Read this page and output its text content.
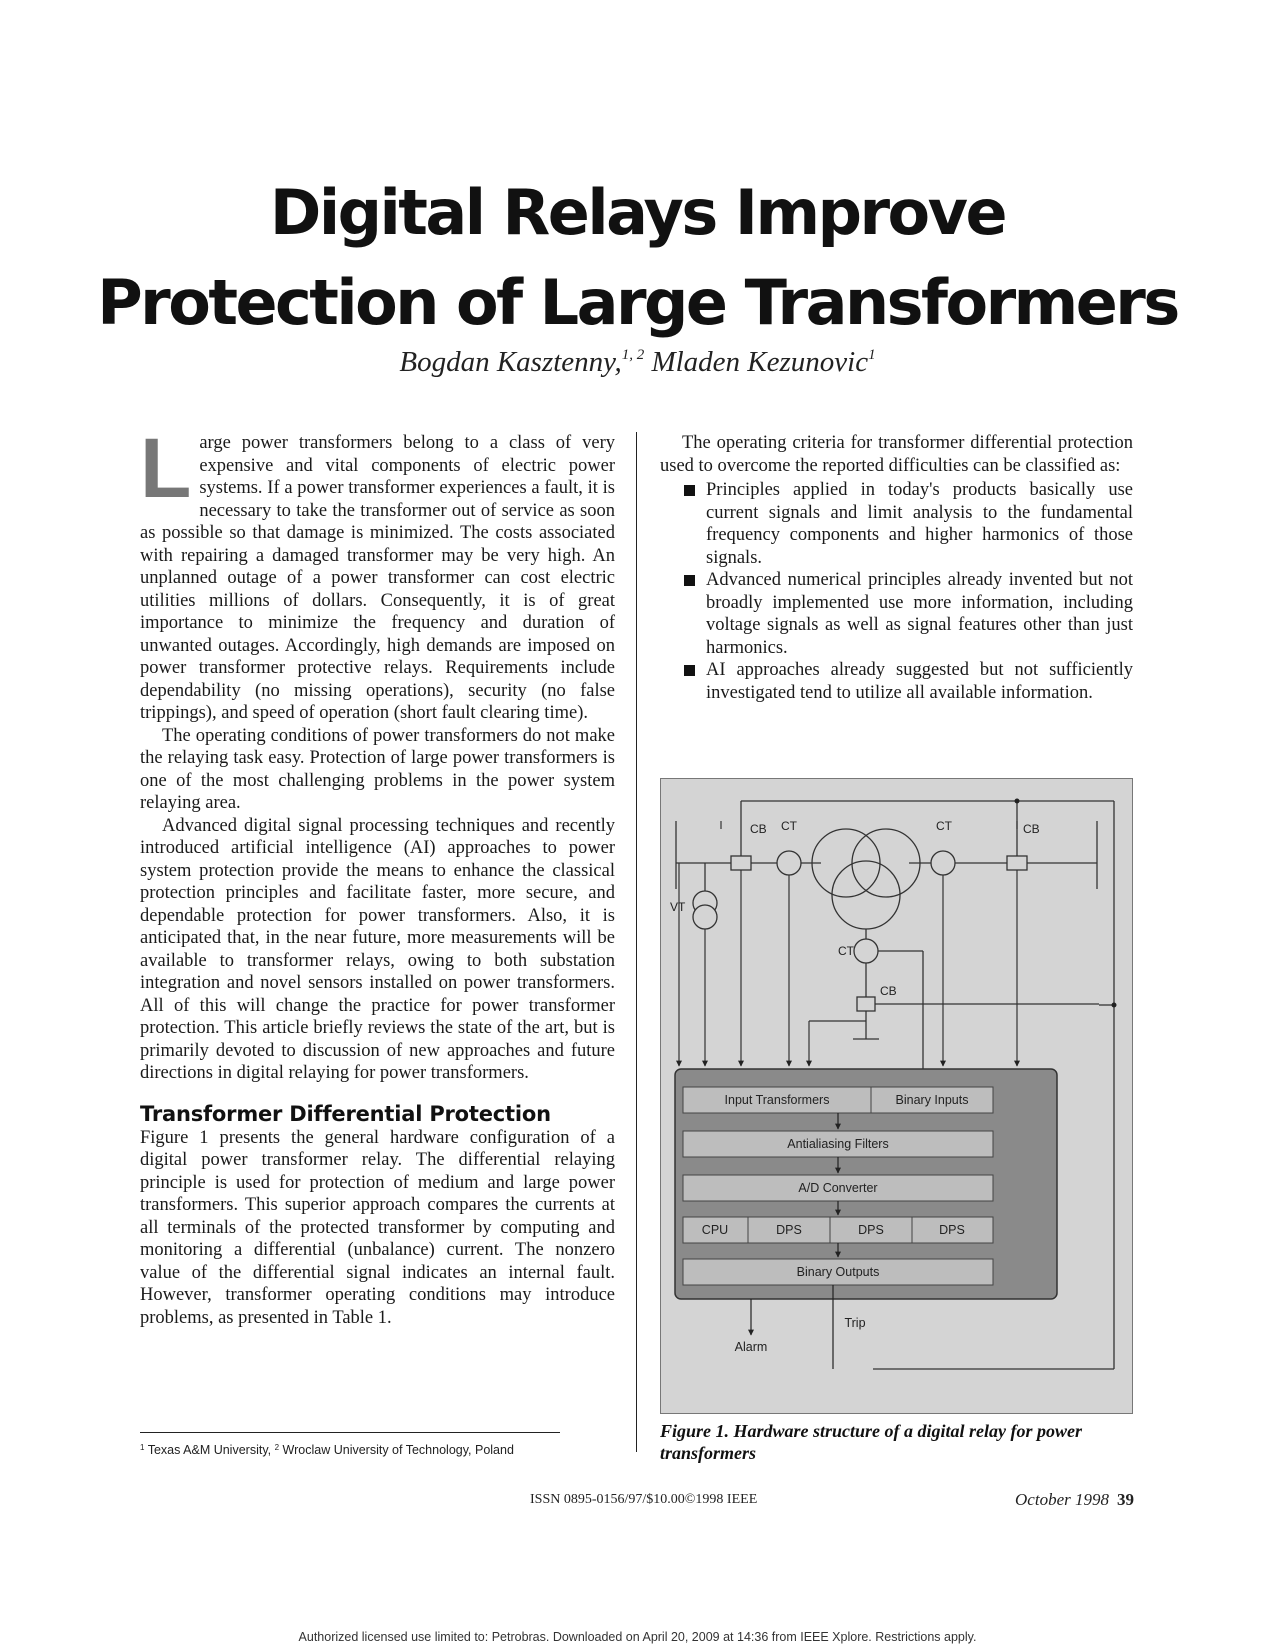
Digital Relays Improve
Protection of Large Transformers
Bogdan Kasztenny,$^{1, 2}$ Mladen Kezunovic$^1$

Large power transformers belong to a class of very expensive and vital components of electric power systems. If a power transformer experiences a fault, it is necessary to take the transformer out of service as soon as possible so that damage is minimized. The costs associated with repairing a damaged transformer may be very high. An unplanned outage of a power transformer can cost electric utilities millions of dollars. Consequently, it is of great importance to minimize the frequency and duration of unwanted outages. Accordingly, high demands are imposed on power transformer protective relays. Requirements include dependability (no missing operations), security (no false trippings), and speed of operation (short fault clearing time).

The operating conditions of power transformers do not make the relaying task easy. Protection of large power transformers is one of the most challenging problems in the power system relaying area.

Advanced digital signal processing techniques and recently introduced artificial intelligence (AI) approaches to power system protection provide the means to enhance the classical protection principles and facilitate faster, more secure, and dependable protection for power transformers. Also, it is anticipated that, in the near future, more measurements will be available to transformer relays, owing to both substation integration and novel sensors installed on power transformers. All of this will change the practice for power transformer protection. This article briefly reviews the state of the art, but is primarily devoted to discussion of new approaches and future directions in digital relaying for power transformers.

Transformer Differential Protection

Figure 1 presents the general hardware configuration of a digital power transformer relay. The differential relaying principle is used for protection of medium and large power transformers. This superior approach compares the currents at all terminals of the protected transformer by computing and monitoring a differential (unbalance) current. The nonzero value of the differential signal indicates an internal fault. However, transformer operating conditions may introduce problems, as presented in Table 1.

$^1$ Texas A&M University, $^2$ Wroclaw University of Technology, Poland

The operating criteria for transformer differential protection used to overcome the reported difficulties can be classified as:

Principles applied in today's products basically use current signals and limit analysis to the fundamental frequency components and higher harmonics of those signals.
Advanced numerical principles already invented but not broadly implemented use more information, including voltage signals as well as signal features other than just harmonics.
AI approaches already suggested but not sufficiently investigated tend to utilize all available information.
CB CT	CT	CB
VT
CT
CB
Input Transformers	Binary Inputs
Antialiasing Filters
A/D Converter
CPU	DPS	DPS	DPS
Binary Outputs
Trip
Alarm
Figure 1. Hardware structure of a digital relay for power transformers
ISSN 0895-0156/97/$10.00©1998 IEEE	October 1998 39
Authorized licensed use limited to: Petrobras. Downloaded on April 20, 2009 at 14:36 from IEEE Xplore. Restrictions apply.
